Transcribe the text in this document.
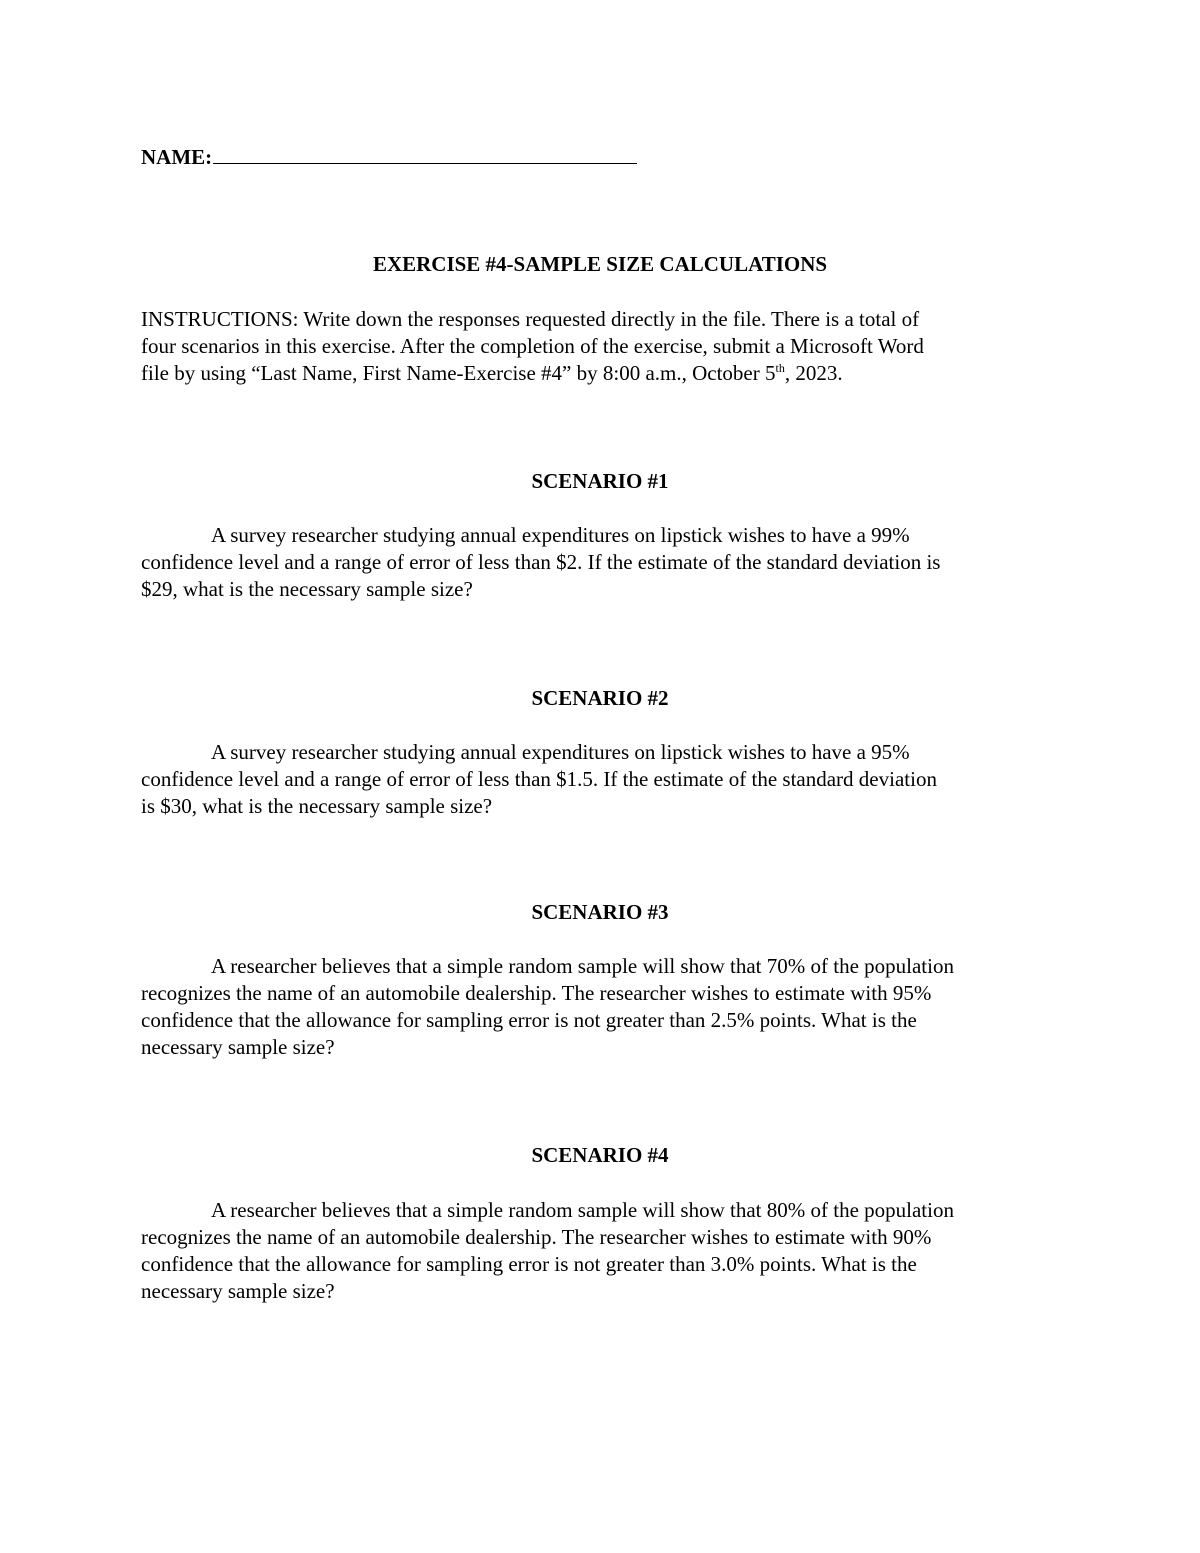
NAME:
EXERCISE #4-SAMPLE SIZE CALCULATIONS
INSTRUCTIONS: Write down the responses requested directly in the file. There is a total of
four scenarios in this exercise. After the completion of the exercise, submit a Microsoft Word
file by using “Last Name, First Name-Exercise #4” by 8:00 a.m., October 5th, 2023.
SCENARIO #1
A survey researcher studying annual expenditures on lipstick wishes to have a 99%
confidence level and a range of error of less than $2. If the estimate of the standard deviation is
$29, what is the necessary sample size?
SCENARIO #2
A survey researcher studying annual expenditures on lipstick wishes to have a 95%
confidence level and a range of error of less than $1.5. If the estimate of the standard deviation
is $30, what is the necessary sample size?
SCENARIO #3
A researcher believes that a simple random sample will show that 70% of the population
recognizes the name of an automobile dealership. The researcher wishes to estimate with 95%
confidence that the allowance for sampling error is not greater than 2.5% points. What is the
necessary sample size?
SCENARIO #4
A researcher believes that a simple random sample will show that 80% of the population
recognizes the name of an automobile dealership. The researcher wishes to estimate with 90%
confidence that the allowance for sampling error is not greater than 3.0% points. What is the
necessary sample size?
